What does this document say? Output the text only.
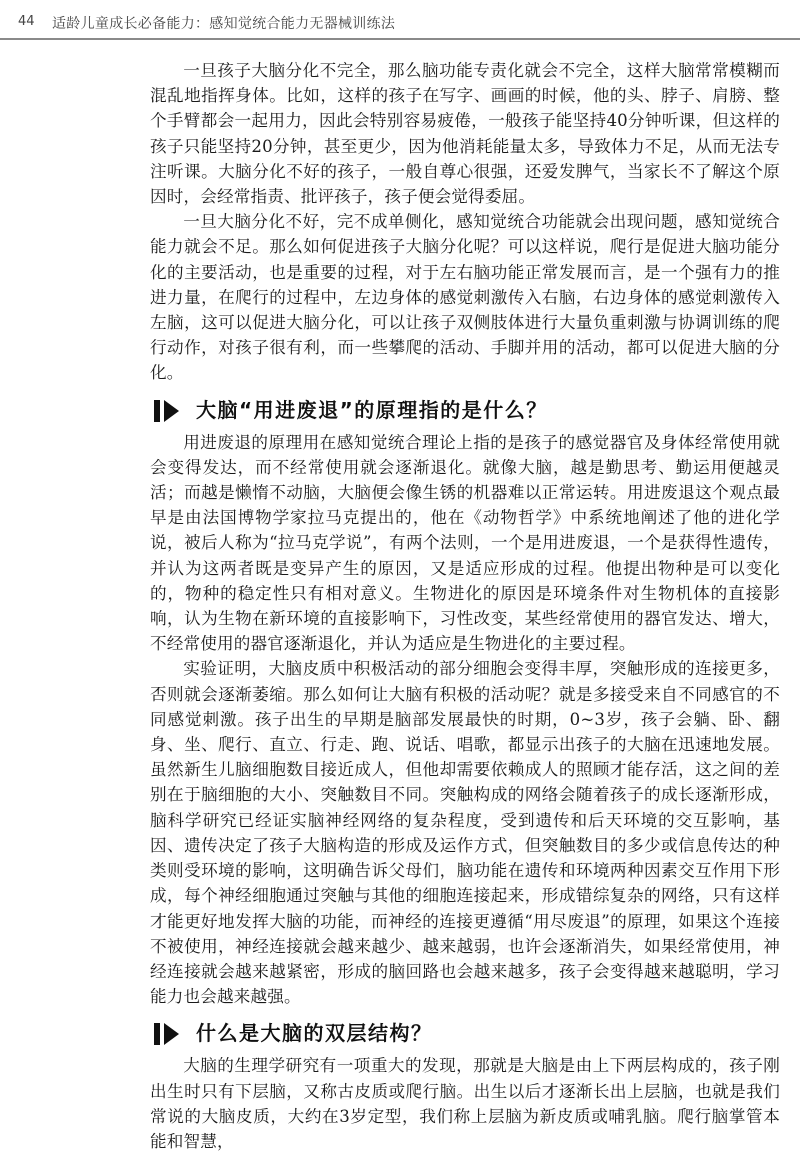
44 适龄儿童成长必备能力：感知觉统合能力无器械训练法

一旦孩子大脑分化不完全，那么脑功能专责化就会不完全，这样大脑常常模糊而混乱地指挥身体。比如，这样的孩子在写字、画画的时候，他的头、脖子、肩膀、整个手臂都会一起用力，因此会特别容易疲倦，一般孩子能坚持40分钟听课，但这样的孩子只能坚持20分钟，甚至更少，因为他消耗能量太多，导致体力不足，从而无法专注听课。大脑分化不好的孩子，一般自尊心很强，还爱发脾气，当家长不了解这个原因时，会经常指责、批评孩子，孩子便会觉得委屈。

一旦大脑分化不好，完不成单侧化，感知觉统合功能就会出现问题，感知觉统合能力就会不足。那么如何促进孩子大脑分化呢？可以这样说，爬行是促进大脑功能分化的主要活动，也是重要的过程，对于左右脑功能正常发展而言，是一个强有力的推进力量，在爬行的过程中，左边身体的感觉刺激传入右脑，右边身体的感觉刺激传入左脑，这可以促进大脑分化，可以让孩子双侧肢体进行大量负重刺激与协调训练的爬行动作，对孩子很有利，而一些攀爬的活动、手脚并用的活动，都可以促进大脑的分化。

大脑“用进废退”的原理指的是什么？

用进废退的原理用在感知觉统合理论上指的是孩子的感觉器官及身体经常使用就会变得发达，而不经常使用就会逐渐退化。就像大脑，越是勤思考、勤运用便越灵活；而越是懒惰不动脑，大脑便会像生锈的机器难以正常运转。用进废退这个观点最早是由法国博物学家拉马克提出的，他在《动物哲学》中系统地阐述了他的进化学说，被后人称为“拉马克学说”，有两个法则，一个是用进废退，一个是获得性遗传，并认为这两者既是变异产生的原因，又是适应形成的过程。他提出物种是可以变化的，物种的稳定性只有相对意义。生物进化的原因是环境条件对生物机体的直接影响，认为生物在新环境的直接影响下，习性改变，某些经常使用的器官发达、增大，不经常使用的器官逐渐退化，并认为适应是生物进化的主要过程。

实验证明，大脑皮质中积极活动的部分细胞会变得丰厚，突触形成的连接更多，否则就会逐渐萎缩。那么如何让大脑有积极的活动呢？就是多接受来自不同感官的不同感觉刺激。孩子出生的早期是脑部发展最快的时期，0~3岁，孩子会躺、卧、翻身、坐、爬行、直立、行走、跑、说话、唱歌，都显示出孩子的大脑在迅速地发展。虽然新生儿脑细胞数目接近成人，但他却需要依赖成人的照顾才能存活，这之间的差别在于脑细胞的大小、突触数目不同。突触构成的网络会随着孩子的成长逐渐形成，脑科学研究已经证实脑神经网络的复杂程度，受到遗传和后天环境的交互影响，基因、遗传决定了孩子大脑构造的形成及运作方式，但突触数目的多少或信息传达的种类则受环境的影响，这明确告诉父母们，脑功能在遗传和环境两种因素交互作用下形成，每个神经细胞通过突触与其他的细胞连接起来，形成错综复杂的网络，只有这样才能更好地发挥大脑的功能，而神经的连接更遵循“用尽废退”的原理，如果这个连接不被使用，神经连接就会越来越少、越来越弱，也许会逐渐消失，如果经常使用，神经连接就会越来越紧密，形成的脑回路也会越来越多，孩子会变得越来越聪明，学习能力也会越来越强。

什么是大脑的双层结构？

大脑的生理学研究有一项重大的发现，那就是大脑是由上下两层构成的，孩子刚出生时只有下层脑，又称古皮质或爬行脑。出生以后才逐渐长出上层脑，也就是我们常说的大脑皮质，大约在3岁定型，我们称上层脑为新皮质或哺乳脑。爬行脑掌管本能和智慧，
